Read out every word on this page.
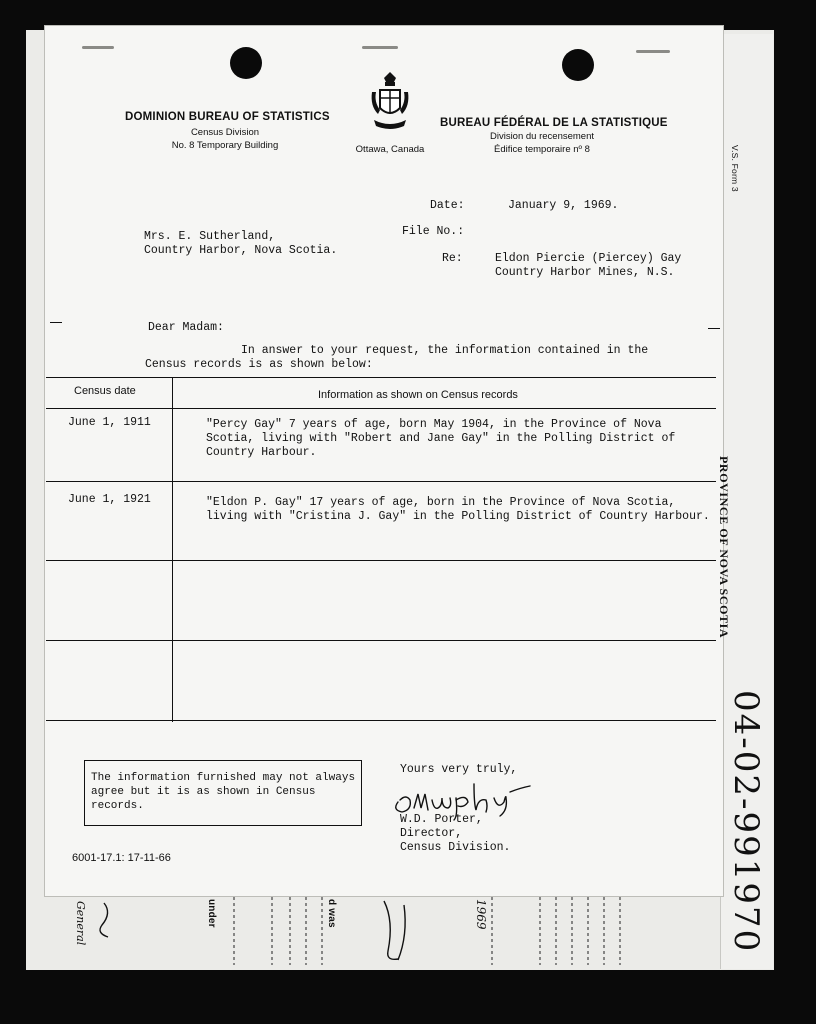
under	d was
General	1969
DOMINION BUREAU OF STATISTICS
Census Division
No. 8 Temporary Building	Ottawa, Canada
BUREAU FÉDÉRAL DE LA STATISTIQUE
Division du recensement
Édifice temporaire nº 8	V.S. Form 3
Date:	January 9, 1969.
File No.:
Mrs. E. Sutherland,
Country Harbor, Nova Scotia.
Re:	Eldon Piercie (Piercey) Gay
Country Harbor Mines, N.S.
Dear Madam:
In answer to your request, the information contained in the
Census records is as shown below:
Census date	Information as shown on Census records
June 1, 1911	"Percy Gay" 7 years of age, born May 1904, in the Province of Nova
Scotia, living with "Robert and Jane Gay" in the Polling District of
Country Harbour.
June 1, 1921	"Eldon P. Gay" 17 years of age, born in the Province of Nova Scotia,
living with "Cristina J. Gay" in the Polling District of Country Harbour.
The information furnished may not always
agree but it is as shown in Census
records.
Yours very truly,
W.D. Porter,
Director,
Census Division.
6001-17.1: 17-11-66
PROVINCE OF NOVA SCOTIA
04-02-991970
